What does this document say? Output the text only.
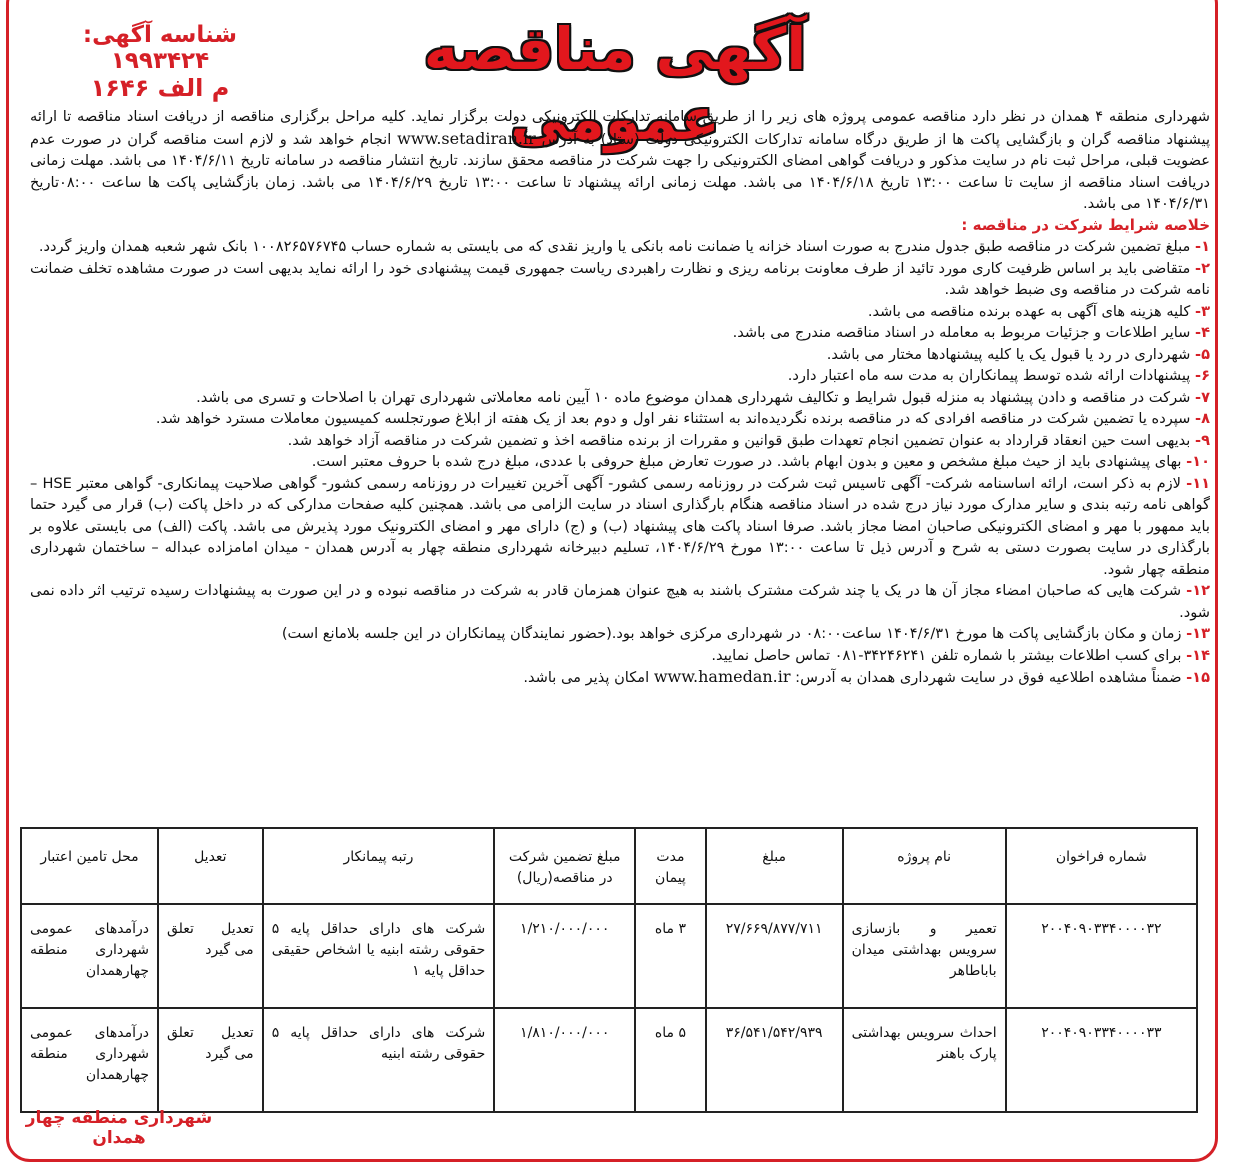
شناسه آگهی: ۱۹۹۳۴۲۴
م الف ۱۶۴۶
آگهی مناقصه عمومی

شهرداری منطقه ۴ همدان در نظر دارد مناقصه عمومی پروژه های زیر را از طریق سامانه تدارکات الکترونیکی دولت برگزار نماید. کلیه مراحل برگزاری مناقصه از دریافت اسناد مناقصه تا ارائه پیشنهاد مناقصه گران و بازگشایی پاکت ها از طریق درگاه سامانه تدارکات الکترونیکی دولت (ستاد) به آدرس www.setadiran.ir انجام خواهد شد و لازم است مناقصه گران در صورت عدم عضویت قبلی، مراحل ثبت نام در سایت مذکور و دریافت گواهی امضای الکترونیکی را جهت شرکت در مناقصه محقق سازند. تاریخ انتشار مناقصه در سامانه تاریخ ۱۴۰۴/۶/۱۱ می باشد. مهلت زمانی دریافت اسناد مناقصه از سایت تا ساعت ۱۳:۰۰ تاریخ ۱۴۰۴/۶/۱۸ می باشد. مهلت زمانی ارائه پیشنهاد تا ساعت ۱۳:۰۰ تاریخ ۱۴۰۴/۶/۲۹ می باشد. زمان بازگشایی پاکت ها ساعت ۰۸:۰۰تاریخ ۱۴۰۴/۶/۳۱ می باشد.

خلاصه شرایط شرکت در مناقصه :

۱- مبلغ تضمین شرکت در مناقصه طبق جدول مندرج به صورت اسناد خزانه یا ضمانت نامه بانکی یا واریز نقدی که می بایستی به شماره حساب ۱۰۰۸۲۶۵۷۶۷۴۵ بانک شهر شعبه همدان واریز گردد.

۲- متقاضی باید بر اساس ظرفیت کاری مورد تائید از طرف معاونت برنامه ریزی و نظارت راهبردی ریاست جمهوری قیمت پیشنهادی خود را ارائه نماید بدیهی است در صورت مشاهده تخلف ضمانت نامه شرکت در مناقصه وی ضبط خواهد شد.

۳- کلیه هزینه های آگهی به عهده برنده مناقصه می باشد.

۴- سایر اطلاعات و جزئیات مربوط به معامله در اسناد مناقصه مندرج می باشد.

۵- شهرداری در رد یا قبول یک یا کلیه پیشنهادها مختار می باشد.

۶- پیشنهادات ارائه شده توسط پیمانکاران به مدت سه ماه اعتبار دارد.

۷- شرکت در مناقصه و دادن پیشنهاد به منزله قبول شرایط و تکالیف شهرداری همدان موضوع ماده ۱۰ آیین نامه معاملاتی شهرداری تهران با اصلاحات و تسری می باشد.

۸- سپرده یا تضمین شرکت در مناقصه افرادی که در مناقصه برنده نگردیده‌اند به استثناء نفر اول و دوم بعد از یک هفته از ابلاغ صورتجلسه کمیسیون معاملات مسترد خواهد شد.

۹- بدیهی است حین انعقاد قرارداد به عنوان تضمین انجام تعهدات طبق قوانین و مقررات از برنده مناقصه اخذ و تضمین شرکت در مناقصه آزاد خواهد شد.

۱۰- بهای پیشنهادی باید از حیث مبلغ مشخص و معین و بدون ابهام باشد. در صورت تعارض مبلغ حروفی با عددی، مبلغ درج شده با حروف معتبر است.

۱۱- لازم به ذکر است، ارائه اساسنامه شرکت- آگهی تاسیس ثبت شرکت در روزنامه رسمی کشور- آگهی آخرین تغییرات در روزنامه رسمی کشور- گواهی صلاحیت پیمانکاری- گواهی معتبر HSE – گواهی نامه رتبه بندی و سایر مدارک مورد نیاز درج شده در اسناد مناقصه هنگام بارگذاری اسناد در سایت الزامی می باشد. همچنین کلیه صفحات مدارکی که در داخل پاکت (ب) قرار می گیرد حتما باید ممهور با مهر و امضای الکترونیکی صاحبان امضا مجاز باشد. صرفا اسناد پاکت های پیشنهاد (ب) و (ج) دارای مهر و امضای الکترونیک مورد پذیرش می باشد. پاکت (الف) می بایستی علاوه بر بارگذاری در سایت بصورت دستی به شرح و آدرس ذیل تا ساعت ۱۳:۰۰ مورخ ۱۴۰۴/۶/۲۹، تسلیم دبیرخانه شهرداری منطقه چهار به آدرس همدان - میدان امامزاده عبداله – ساختمان شهرداری منطقه چهار شود.

۱۲- شرکت هایی که صاحبان امضاء مجاز آن ها در یک یا چند شرکت مشترک باشند به هیچ عنوان همزمان قادر به شرکت در مناقصه نبوده و در این صورت به پیشنهادات رسیده ترتیب اثر داده نمی شود.

۱۳- زمان و مکان بازگشایی پاکت ها مورخ ۱۴۰۴/۶/۳۱ ساعت۰۸:۰۰ در شهرداری مرکزی خواهد بود.(حضور نمایندگان پیمانکاران در این جلسه بلامانع است)

۱۴- برای کسب اطلاعات بیشتر با شماره تلفن ۳۴۲۴۶۲۴۱-۰۸۱ تماس حاصل نمایید.

۱۵- ضمناً مشاهده اطلاعیه فوق در سایت شهرداری همدان به آدرس: www.hamedan.ir امکان پذیر می باشد.

شماره فراخوان	نام پروژه	مبلغ	مدت پیمان	مبلغ تضمین شرکت در مناقصه(ریال)	رتبه پیمانکار	تعدیل	محل تامین اعتبار
۲۰۰۴۰۹۰۳۳۴۰۰۰۰۳۲	تعمیر و بازسازی سرویس بهداشتی میدان باباطاهر	۲۷/۶۶۹/۸۷۷/۷۱۱	۳ ماه	۱/۲۱۰/۰۰۰/۰۰۰	شرکت های دارای حداقل پایه ۵ حقوقی رشته ابنیه یا اشخاص حقیقی حداقل پایه ۱	تعدیل تعلق می گیرد	درآمدهای عمومی شهرداری منطقه چهارهمدان
۲۰۰۴۰۹۰۳۳۴۰۰۰۰۳۳	احداث سرویس بهداشتی پارک باهنر	۳۶/۵۴۱/۵۴۲/۹۳۹	۵ ماه	۱/۸۱۰/۰۰۰/۰۰۰	شرکت های دارای حداقل پایه ۵ حقوقی رشته ابنیه	تعدیل تعلق می گیرد	درآمدهای عمومی شهرداری منطقه چهارهمدان
شهرداری منطقه چهار همدان
